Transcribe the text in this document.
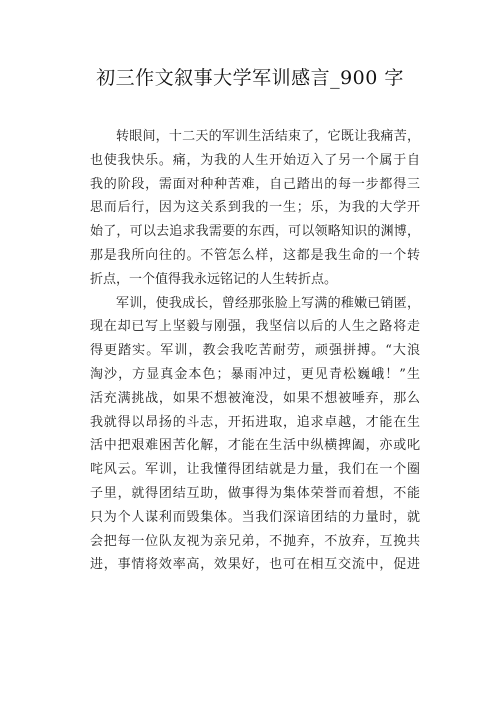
初三作文叙事大学军训感言_900 字
转眼间，十二天的军训生活结束了，它既让我痛苦，
也使我快乐。痛，为我的人生开始迈入了另一个属于自
我的阶段，需面对种种苦难，自己踏出的每一步都得三
思而后行，因为这关系到我的一生；乐，为我的大学开
始了，可以去追求我需要的东西，可以领略知识的渊博，
那是我所向往的。不管怎么样，这都是我生命的一个转
折点，一个值得我永远铭记的人生转折点。
军训，使我成长，曾经那张脸上写满的稚嫩已销匿，
现在却已写上坚毅与刚强，我坚信以后的人生之路将走
得更踏实。军训，教会我吃苦耐劳，顽强拼搏。“大浪
淘沙，方显真金本色；暴雨冲过，更见青松巍峨！”生
活充满挑战，如果不想被淹没，如果不想被唾弃，那么
我就得以昂扬的斗志，开拓进取，追求卓越，才能在生
活中把艰难困苦化解，才能在生活中纵横捭阖，亦或叱
咤风云。军训，让我懂得团结就是力量，我们在一个圈
子里，就得团结互助，做事得为集体荣誉而着想，不能
只为个人谋利而毁集体。当我们深谙团结的力量时，就
会把每一位队友视为亲兄弟，不抛弃，不放弃，互挽共
进，事情将效率高，效果好，也可在相互交流中，促进
